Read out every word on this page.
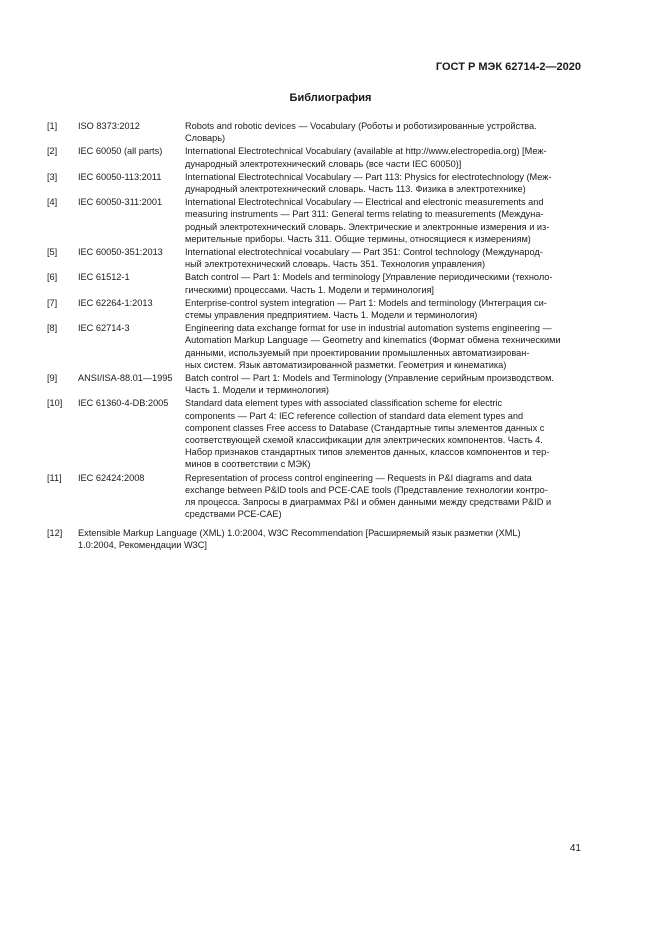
ГОСТ Р МЭК 62714-2—2020
Библиография
[1]	ISO 8373:2012	Robots and robotic devices — Vocabulary (Роботы и роботизированные устройства.
Словарь)
[2]	IEC 60050 (all parts)	International Electrotechnical Vocabulary (available at http://www.electropedia.org) [Меж-
дународный электротехнический словарь (все части IEC 60050)]
[3]	IEC 60050-113:2011	International Electrotechnical Vocabulary — Part 113: Physics for electrotechnology (Меж-
дународный электротехнический словарь. Часть 113. Физика в электротехнике)
[4]	IEC 60050-311:2001	International Electrotechnical Vocabulary — Electrical and electronic measurements and
measuring instruments — Part 311: General terms relating to measurements (Междуна-
родный электротехнический словарь. Электрические и электронные измерения и из-
мерительные приборы. Часть 311. Общие термины, относящиеся к измерениям)
[5]	IEC 60050-351:2013	International electrotechnical vocabulary — Part 351: Control technology (Международ-
ный электротехнический словарь. Часть 351. Технология управления)
[6]	IEC 61512-1	Batch control — Part 1: Models and terminology [Управление периодическими (техноло-
гическими) процессами. Часть 1. Модели и терминология]
[7]	IEC 62264-1:2013	Enterprise-control system integration — Part 1: Models and terminology (Интеграция си-
стемы управления предприятием. Часть 1. Модели и терминология)
[8]	IEC 62714-3	Engineering data exchange format for use in industrial automation systems engineering —
Automation Markup Language — Geometry and kinematics (Формат обмена техническими
данными, используемый при проектировании промышленных автоматизирован-
ных систем. Язык автоматизированной разметки. Геометрия и кинематика)
[9]	ANSI/ISA-88.01—1995	Batch control — Part 1: Models and Terminology (Управление серийным производством.
Часть 1. Модели и терминология)
[10]	IEC 61360-4-DB:2005	Standard data element types with associated classification scheme for electric
components — Part 4: IEC reference collection of standard data element types and
component classes Free access to Database (Стандартные типы элементов данных с
соответствующей схемой классификации для электрических компонентов. Часть 4.
Набор признаков стандартных типов элементов данных, классов компонентов и тер-
минов в соответствии с МЭК)
[11]	IEC 62424:2008	Representation of process control engineering — Requests in P&I diagrams and data
exchange between P&ID tools and PCE-CAE tools (Представление технологии контро-
ля процесса. Запросы в диаграммах P&I и обмен данными между средствами P&ID и
средствами PCE-CAE)
[12]	Extensible Markup Language (XML) 1.0:2004, W3C Recommendation [Расширяемый язык разметки (XML)
1.0:2004, Рекомендации W3C]
41
